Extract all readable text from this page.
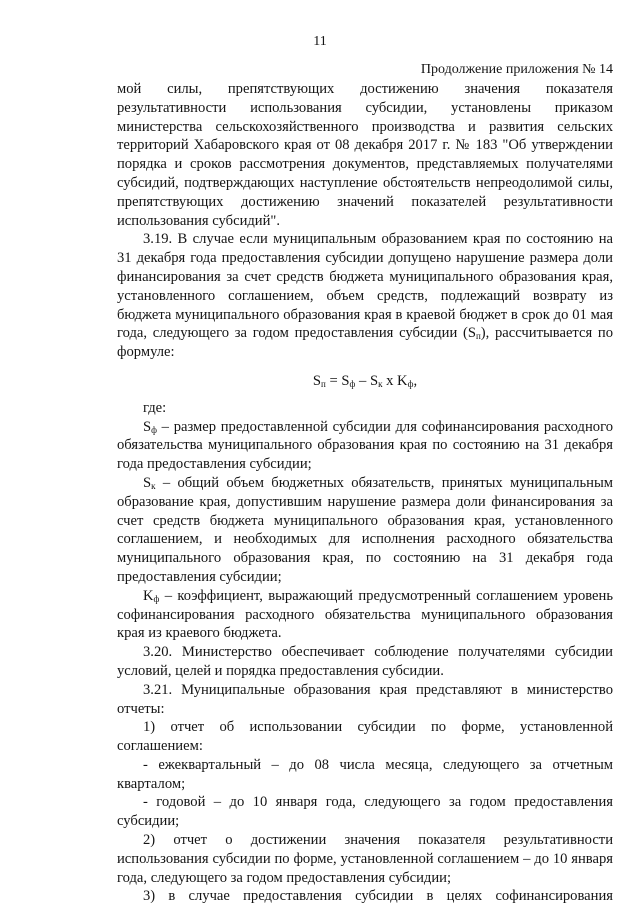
11
Продолжение приложения № 14

мой силы, препятствующих достижению значения показателя результативности использования субсидии, установлены приказом министерства сельскохозяйственного производства и развития сельских территорий Хабаровского края от 08 декабря 2017 г. № 183 "Об утверждении порядка и сроков рассмотрения документов, представляемых получателями субсидий, подтверждающих наступление обстоятельств непреодолимой силы, препятствующих достижению значений показателей результативности использования субсидий".

3.19. В случае если муниципальным образованием края по состоянию на 31 декабря года предоставления субсидии допущено нарушение размера доли финансирования за счет средств бюджета муниципального образования края, установленного соглашением, объем средств, подлежащий возврату из бюджета муниципального образования края в краевой бюджет в срок до 01 мая года, следующего за годом предоставления субсидии $(S_п)$, рассчитывается по формуле:

$S_п = S_ф - S_к$ x $K_ф$,

где:

$S_ф$ – размер предоставленной субсидии для софинансирования расходного обязательства муниципального образования края по состоянию на 31 декабря года предоставления субсидии;

$S_к$ – общий объем бюджетных обязательств, принятых муниципальным образование края, допустившим нарушение размера доли финансирования за счет средств бюджета муниципального образования края, установленного соглашением, и необходимых для исполнения расходного обязательства муниципального образования края, по состоянию на 31 декабря года предоставления субсидии;

$K_ф$ – коэффициент, выражающий предусмотренный соглашением уровень софинансирования расходного обязательства муниципального образования края из краевого бюджета.

3.20. Министерство обеспечивает соблюдение получателями субсидии условий, целей и порядка предоставления субсидии.

3.21. Муниципальные образования края представляют в министерство отчеты:

1) отчет об использовании субсидии по форме, установленной соглашением:

- ежеквартальный – до 08 числа месяца, следующего за отчетным кварталом;

- годовой – до 10 января года, следующего за годом предоставления субсидии;

2) отчет о достижении значения показателя результативности использования субсидии по форме, установленной соглашением – до 10 января года, следующего за годом предоставления субсидии;

3) в случае предоставления субсидии в целях софинансирования
